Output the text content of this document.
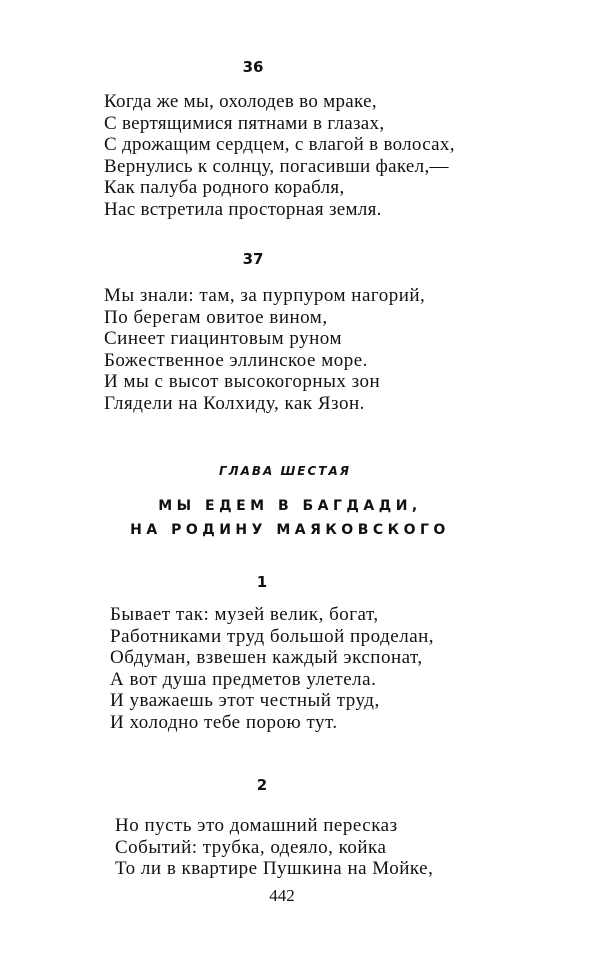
36
Когда же мы, охолодев во мраке,
С вертящимися пятнами в глазах,
С дрожащим сердцем, с влагой в волосах,
Вернулись к солнцу, погасивши факел,—
Как палуба родного корабля,
Нас встретила просторная земля.
37
Мы знали: там, за пурпуром нагорий,
По берегам овитое вином,
Синеет гиацинтовым руном
Божественное эллинское море.
И мы с высот высокогорных зон
Глядели на Колхиду, как Язон.
ГЛАВА ШЕСТАЯ
МЫ ЕДЕМ В БАГДАДИ,
НА РОДИНУ МАЯКОВСКОГО
1
Бывает так: музей велик, богат,
Работниками труд большой проделан,
Обдуман, взвешен каждый экспонат,
А вот душа предметов улетела.
И уважаешь этот честный труд,
И холодно тебе порою тут.
2
Но пусть это домашний пересказ
Событий: трубка, одеяло, койка
То ли в квартире Пушкина на Мойке,
442
